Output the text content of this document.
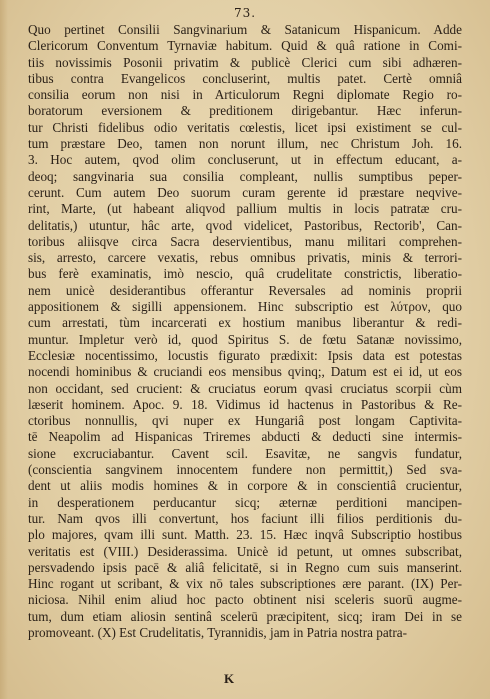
73.
Quo pertinet Consilii Sangvinarium & Satanicum Hispanicum. Adde
Clericorum Conventum Tyrnaviæ habitum. Quid & quâ ratione in Comi-
tiis novissimis Posonii privatim & publicè Clerici cum sibi adhæren-
tibus contra Evangelicos concluserint, multis patet. Certè omniâ
consilia eorum non nisi in Articulorum Regni diplomate Regio ro-
boratorum eversionem & preditionem dirigebantur. Hæc inferun-
tur Christi fidelibus odio veritatis cœlestis, licet ipsi existiment se cul-
tum præstare Deo, tamen non norunt illum, nec Christum Joh. 16.
3. Hoc autem, qvod olim concluserunt, ut in effectum educant, a-
deoq; sangvinaria sua consilia compleant, nullis sumptibus peper-
cerunt. Cum autem Deo suorum curam gerente id præstare neqvive-
rint, Marte, (ut habeant aliqvod pallium multis in locis patratæ cru-
delitatis,) utuntur, hâc arte, qvod videlicet, Pastoribus, Rectorib', Can-
toribus aliisqve circa Sacra deservientibus, manu militari comprehen-
sis, arresto, carcere vexatis, rebus omnibus privatis, minis & terrori-
bus ferè examinatis, imò nescio, quâ crudelitate constrictis, liberatio-
nem unicè desiderantibus offerantur Reversales ad nominis proprii
appositionem & sigilli appensionem. Hinc subscriptio est λύτρον, quo
cum arrestati, tùm incarcerati ex hostium manibus liberantur & redi-
muntur. Impletur verò id, quod Spiritus S. de fœtu Satanæ novissimo,
Ecclesiæ nocentissimo, locustis figurato prædixit: Ipsis data est potestas
nocendi hominibus & cruciandi eos mensibus qvinq;, Datum est ei id, ut eos
non occidant, sed crucient: & cruciatus eorum qvasi cruciatus scorpii cùm
læserit hominem. Apoc. 9. 18. Vidimus id hactenus in Pastoribus & Re-
ctoribus nonnullis, qvi nuper ex Hungariâ post longam Captivita-
tē Neapolim ad Hispanicas Triremes abducti & deducti sine intermis-
sione excruciabantur. Cavent scil. Esavitæ, ne sangvis fundatur,
(conscientia sangvinem innocentem fundere non permittit,) Sed sva-
dent ut aliis modis homines & in corpore & in conscientiâ crucientur,
in desperationem perducantur sicq; æternæ perditioni mancipen-
tur. Nam qvos illi convertunt, hos faciunt illi filios perditionis du-
plo majores, qvam illi sunt. Matth. 23. 15. Hæc inqvâ Subscriptio hostibus
veritatis est (VIII.) Desiderassima. Unicè id petunt, ut omnes subscribat,
persvadendo ipsis pacē & aliâ felicitatē, si in Regno cum suis manserint.
Hinc rogant ut scribant, & vix nō tales subscriptiones ære parant. (IX) Per-
niciosa. Nihil enim aliud hoc pacto obtinent nisi sceleris suorū augme-
tum, dum etiam aliosin sentinâ scelerū præcipitent, sicq; iram Dei in se
promoveant. (X) Est Crudelitatis, Tyrannidis, jam in Patria nostra patra-
K
